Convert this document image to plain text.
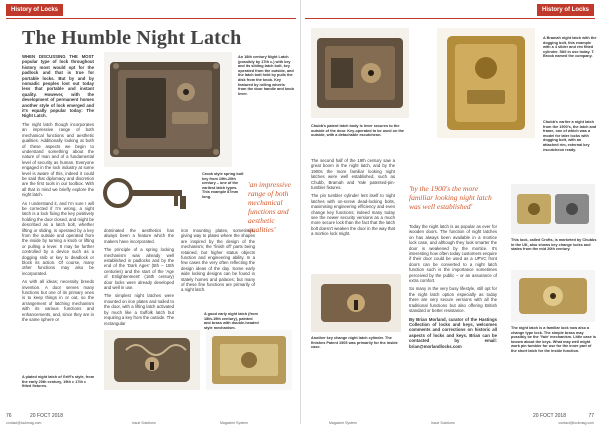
History of Locks
The Humble Night Latch

WHEN DISCUSSING THE MOST popular type of lock throughout history most would opt for the padlock and that is true for portable locks. But by and by nomadic peoples lost out today less that portable and instant quality. However, with the development of permanent homes another style of lock emerged and it's equally popular today: The Night Latch.

The night latch though incorporates an impressive range of both mechanical functions and aesthetic qualities. Additionally looking at both of these aspects we begin to understand something about the nature of man and of a fundamental level of security as human. Everyone engaged in the lock industry at some level is aware of this, indeed it could be said that diplomacy and discretion are the first tools in our toolbox. With all that in mind we briefly explore the night latch.

As I understand it, and I'm sure I will be corrected if I'm wrong, a night latch is a lock fixing the key positively holding the door closed, and might be described as a latch bolt, whether lifting or sliding, is operated by a key from the outside and operated from the inside by turning a knob or lifting or pulling a lever. It may be further controlled by a device such as a dogging snib or key to deadlock or block its action. Of course, many other functions may also be incorporated.

As with all ideas; necessity breeds invention. A door serves many functions but one of its primary ones is to keep things in or out, so the arrangement of latching mechanism with its various functions and enhancements, and, since they are in the same sphere or

A plated night latch of Griff's style, from the early 20th century, 19th c 17th c fitted fixtures.
An 18th century Night Latch (possibly by 17th c.) with key and its sliding latch bolt, key operated from the outside, and the latch bolt held by pulls the disk from the knob. Key featured by rolling wheels from the door handle and knob lever.
Crook style spring bolt key from 19th-20th century – one of the earliest latch types. This example 87mm long.
'an impressive range of both mechanical functions and aesthetic qualities'

dominated the aesthetics has always been a feature which the makers have incorporated.

The principle of a spring locking mechanism was already well established in padlocks and by the end of the 'Dark Ages' (5th – 15th centuries) and the start of the 'Age of Enlightenment' (16th century) door locks were already developed and well in use.

The simplest night latches were mounted on iron plates and nailed to the door, with a lifting latch activated by much like a Suffolk latch but requiring a key from the outside. The rectangular

iron mounting plates, sometimes, giving way to plates where the shapes are inspired by the design of the mechanism; the 'finish off' parts being retained, but higher status objects function and engineering ability. In a few cases the very often reflecting the design ideas of the day. Some early wide locking designs can be found in stately homes and palaces; but many of these fine functions are primarily of a night latch.

A good early night latch (from 18th-19th century), painted and brass with double-headed style mechanism.
76	20 FOCT 2018
contact@lockmag.com	Issue Solutions	Magazine System
History of Locks
Chubb's patent latch body is lever secures to the outside of the door. Key-operated to be used on the outside, with a detachable escutcheon.
A Bramah night latch with the dogging bolt, this example with a 4 slider and rim fitted cylinder. Still in use today. T. Brook named the company.
Chubb's earlier a night latch from the 1900's, the latch and frame, one of which was a model for later locks with dogging bolt, with an attached rim, external key escutcheon ready.

The second half of the 19th century saw a great boom in the night latch, and by the 1900s the more familiar looking night latches were well established, such as Chubb, Bramah and Yale patented-pin-tumbler fixtures.

The pin tumbler cylinder lent itself to night latches with on-screw dead-locking bolts, maximising engineering efficiency and even change key functions; indeed many today see the newer security versions as a much more secure lock than the fact that the latch bolt doesn't weaken the door in the way that a mortice lock might.

'by the 1900's the more familiar looking night latch was well established'

Today the night latch is as popular as ever for wooden doors. The function of night latches on has always been available in a mortice lock case, and although they look smarter the door is weakened by the mortice. It's interesting how often today customers enquire if their door could be used as a UPVC front doors can be converted to a night latch function such is the importance sometimes perceived by the public – or an assurance of extra comfort.

So many in the very busy lifestyle, still opt for the night latch option especially as today there are very secure versions with all the traditional functions but also offering British standard or better resistance.

By Brian Morland, curator of the Hastings Collection of locks and keys, welcomes comments and corrections on historic all aspects of locks and keys. Brian can be contacted by email: brian@morlandlocks.com

This lock, called Crofts, is marketed by Chubbs in the UK, also shows key change locks and states from the mid 20th century.
Another key change night latch cylinder. The finishes Patent 1905 was primarily for the inside case.
The night latch is a familiar lock now also a change type lock. The simple brass may possibly be the 'Yale' mechanism. Little case is known about the keys. What may well might work pin tumbler for use for the inner part of the short latch for the inside function.
20 FOCT 2018	77
Magazine System	Issue Solutions	contact@lockmag.com
